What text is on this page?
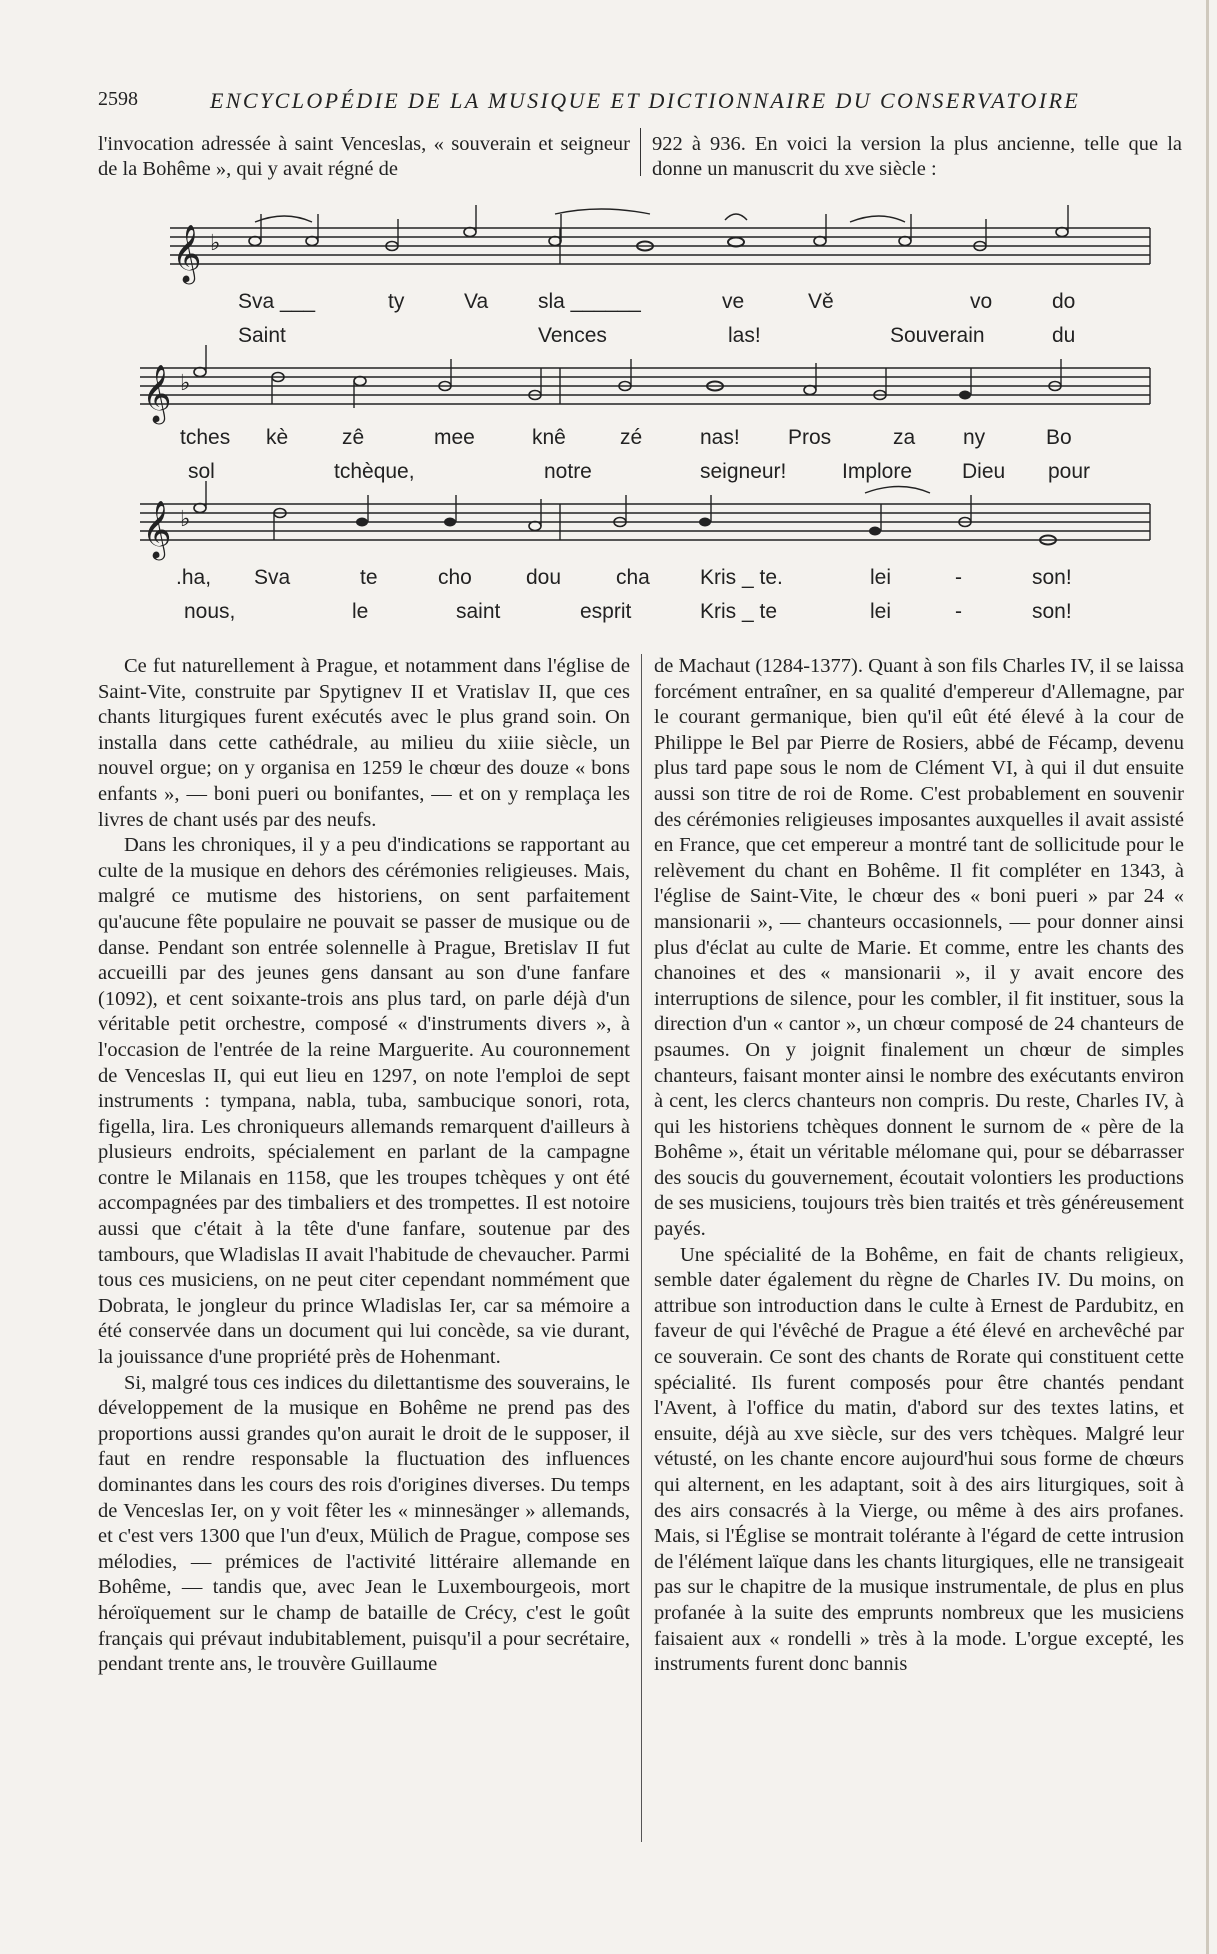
2598	ENCYCLOPÉDIE DE LA MUSIQUE ET DICTIONNAIRE DU CONSERVATOIRE
l'invocation adressée à saint Venceslas, « souverain et seigneur de la Bohême », qui y avait régné de
922 à 936. En voici la version la plus ancienne, telle que la donne un manuscrit du xve siècle :
𝄞
𝄞
𝄞
♭
♭
♭
Sva ___	ty	Va sla ______	ve	Vě	vo	do
Saint	Vences	las!	Souverain	du
tches kè	zê	mee	knê	zé	nas! Pros	za ny	Bo
sol	tchèque,	notre	seigneur!	Implore Dieu pour
.ha, Sva	te	cho	dou	cha Kris _ te.	lei	-	son!
nous,	le	saint	esprit	Kris _ te	lei	-	son!

Ce fut naturellement à Prague, et notamment dans l'église de Saint-Vite, construite par Spytignev II et Vratislav II, que ces chants liturgiques furent exécutés avec le plus grand soin. On installa dans cette cathédrale, au milieu du xiiie siècle, un nouvel orgue; on y organisa en 1259 le chœur des douze « bons enfants », — boni pueri ou bonifantes, — et on y remplaça les livres de chant usés par des neufs.

Dans les chroniques, il y a peu d'indications se rapportant au culte de la musique en dehors des cérémonies religieuses. Mais, malgré ce mutisme des historiens, on sent parfaitement qu'aucune fête populaire ne pouvait se passer de musique ou de danse. Pendant son entrée solennelle à Prague, Bretislav II fut accueilli par des jeunes gens dansant au son d'une fanfare (1092), et cent soixante-trois ans plus tard, on parle déjà d'un véritable petit orchestre, composé « d'instruments divers », à l'occasion de l'entrée de la reine Marguerite. Au couronnement de Venceslas II, qui eut lieu en 1297, on note l'emploi de sept instruments : tympana, nabla, tuba, sambucique sonori, rota, figella, lira. Les chroniqueurs allemands remarquent d'ailleurs à plusieurs endroits, spécialement en parlant de la campagne contre le Milanais en 1158, que les troupes tchèques y ont été accompagnées par des timbaliers et des trompettes. Il est notoire aussi que c'était à la tête d'une fanfare, soutenue par des tambours, que Wladislas II avait l'habitude de chevaucher. Parmi tous ces musiciens, on ne peut citer cependant nommément que Dobrata, le jongleur du prince Wladislas Ier, car sa mémoire a été conservée dans un document qui lui concède, sa vie durant, la jouissance d'une propriété près de Hohenmant.

Si, malgré tous ces indices du dilettantisme des souverains, le développement de la musique en Bohême ne prend pas des proportions aussi grandes qu'on aurait le droit de le supposer, il faut en rendre responsable la fluctuation des influences dominantes dans les cours des rois d'origines diverses. Du temps de Venceslas Ier, on y voit fêter les « minnesänger » allemands, et c'est vers 1300 que l'un d'eux, Mülich de Prague, compose ses mélodies, — prémices de l'activité littéraire allemande en Bohême, — tandis que, avec Jean le Luxembourgeois, mort héroïquement sur le champ de bataille de Crécy, c'est le goût français qui prévaut indubitablement, puisqu'il a pour secrétaire, pendant trente ans, le trouvère Guillaume

de Machaut (1284-1377). Quant à son fils Charles IV, il se laissa forcément entraîner, en sa qualité d'empereur d'Allemagne, par le courant germanique, bien qu'il eût été élevé à la cour de Philippe le Bel par Pierre de Rosiers, abbé de Fécamp, devenu plus tard pape sous le nom de Clément VI, à qui il dut ensuite aussi son titre de roi de Rome. C'est probablement en souvenir des cérémonies religieuses imposantes auxquelles il avait assisté en France, que cet empereur a montré tant de sollicitude pour le relèvement du chant en Bohême. Il fit compléter en 1343, à l'église de Saint-Vite, le chœur des « boni pueri » par 24 « mansionarii », — chanteurs occasionnels, — pour donner ainsi plus d'éclat au culte de Marie. Et comme, entre les chants des chanoines et des « mansionarii », il y avait encore des interruptions de silence, pour les combler, il fit instituer, sous la direction d'un « cantor », un chœur composé de 24 chanteurs de psaumes. On y joignit finalement un chœur de simples chanteurs, faisant monter ainsi le nombre des exécutants environ à cent, les clercs chanteurs non compris. Du reste, Charles IV, à qui les historiens tchèques donnent le surnom de « père de la Bohême », était un véritable mélomane qui, pour se débarrasser des soucis du gouvernement, écoutait volontiers les productions de ses musiciens, toujours très bien traités et très généreusement payés.

Une spécialité de la Bohême, en fait de chants religieux, semble dater également du règne de Charles IV. Du moins, on attribue son introduction dans le culte à Ernest de Pardubitz, en faveur de qui l'évêché de Prague a été élevé en archevêché par ce souverain. Ce sont des chants de Rorate qui constituent cette spécialité. Ils furent composés pour être chantés pendant l'Avent, à l'office du matin, d'abord sur des textes latins, et ensuite, déjà au xve siècle, sur des vers tchèques. Malgré leur vétusté, on les chante encore aujourd'hui sous forme de chœurs qui alternent, en les adaptant, soit à des airs liturgiques, soit à des airs consacrés à la Vierge, ou même à des airs profanes. Mais, si l'Église se montrait tolérante à l'égard de cette intrusion de l'élément laïque dans les chants liturgiques, elle ne transigeait pas sur le chapitre de la musique instrumentale, de plus en plus profanée à la suite des emprunts nombreux que les musiciens faisaient aux « rondelli » très à la mode. L'orgue excepté, les instruments furent donc bannis
